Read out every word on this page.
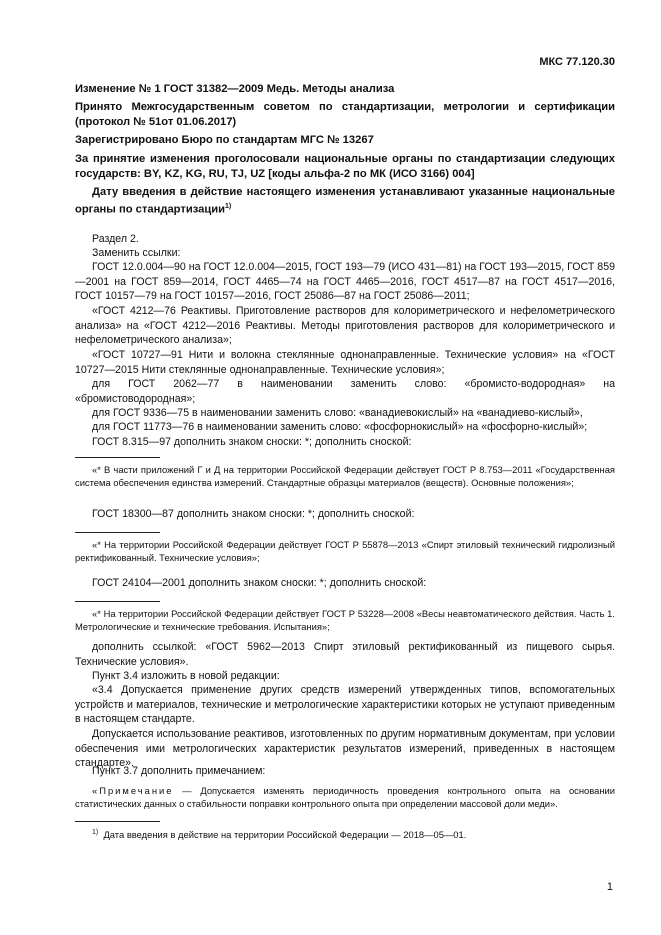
МКС 77.120.30
Изменение № 1 ГОСТ 31382—2009 Медь. Методы анализа
Принято Межгосударственным советом по стандартизации, метрологии и сертификации (протокол № 51от 01.06.2017)
Зарегистрировано Бюро по стандартам МГС № 13267
За принятие изменения проголосовали национальные органы по стандартизации следующих государств: BY, KZ, KG, RU, TJ, UZ [коды альфа-2 по МК (ИСО 3166) 004]
Дату введения в действие настоящего изменения устанавливают указанные национальные органы по стандартизации$^{1)}$
Раздел 2.
Заменить ссылки:
ГОСТ 12.0.004—90 на ГОСТ 12.0.004—2015, ГОСТ 193—79 (ИСО 431—81) на ГОСТ 193—2015, ГОСТ 859—2001 на ГОСТ 859—2014, ГОСТ 4465—74 на ГОСТ 4465—2016, ГОСТ 4517—87 на ГОСТ 4517—2016, ГОСТ 10157—79 на ГОСТ 10157—2016, ГОСТ 25086—87 на ГОСТ 25086—2011;
«ГОСТ 4212—76 Реактивы. Приготовление растворов для колориметрического и нефелометрического анализа» на «ГОСТ 4212—2016 Реактивы. Методы приготовления растворов для колориметрического и нефелометрического анализа»;
«ГОСТ 10727—91 Нити и волокна стеклянные однонаправленные. Технические условия» на «ГОСТ 10727—2015 Нити стеклянные однонаправленные. Технические условия»;
для ГОСТ 2062—77 в наименовании заменить слово: «бромисто-водородная» на «бромистоводородная»;
для ГОСТ 9336—75 в наименовании заменить слово: «ванадиевокислый» на «ванадиево-кислый»,
для ГОСТ 11773—76 в наименовании заменить слово: «фосфорнокислый» на «фосфорно-кислый»;
ГОСТ 8.315—97 дополнить знаком сноски: *; дополнить сноской:
«* В части приложений Г и Д на территории Российской Федерации действует ГОСТ Р 8.753—2011 «Государственная система обеспечения единства измерений. Стандартные образцы материалов (веществ). Основные положения»;
ГОСТ 18300—87 дополнить знаком сноски: *; дополнить сноской:
«* На территории Российской Федерации действует ГОСТ Р 55878—2013 «Спирт этиловый технический гидролизный ректификованный. Технические условия»;
ГОСТ 24104—2001 дополнить знаком сноски: *; дополнить сноской:
«* На территории Российской Федерации действует ГОСТ Р 53228—2008 «Весы неавтоматического действия. Часть 1. Метрологические и технические требования. Испытания»;
дополнить ссылкой: «ГОСТ 5962—2013 Спирт этиловый ректификованный из пищевого сырья. Технические условия».
Пункт 3.4 изложить в новой редакции:
«3.4 Допускается применение других средств измерений утвержденных типов, вспомогательных устройств и материалов, технические и метрологические характеристики которых не уступают приведенным в настоящем стандарте.
Допускается использование реактивов, изготовленных по другим нормативным документам, при условии обеспечения ими метрологических характеристик результатов измерений, приведенных в настоящем стандарте».
Пункт 3.7 дополнить примечанием:
«Примечание — Допускается изменять периодичность проведения контрольного опыта на основании статистических данных о стабильности поправки контрольного опыта при определении массовой доли меди».
$^{1)}$ Дата введения в действие на территории Российской Федерации — 2018—05—01.
1
